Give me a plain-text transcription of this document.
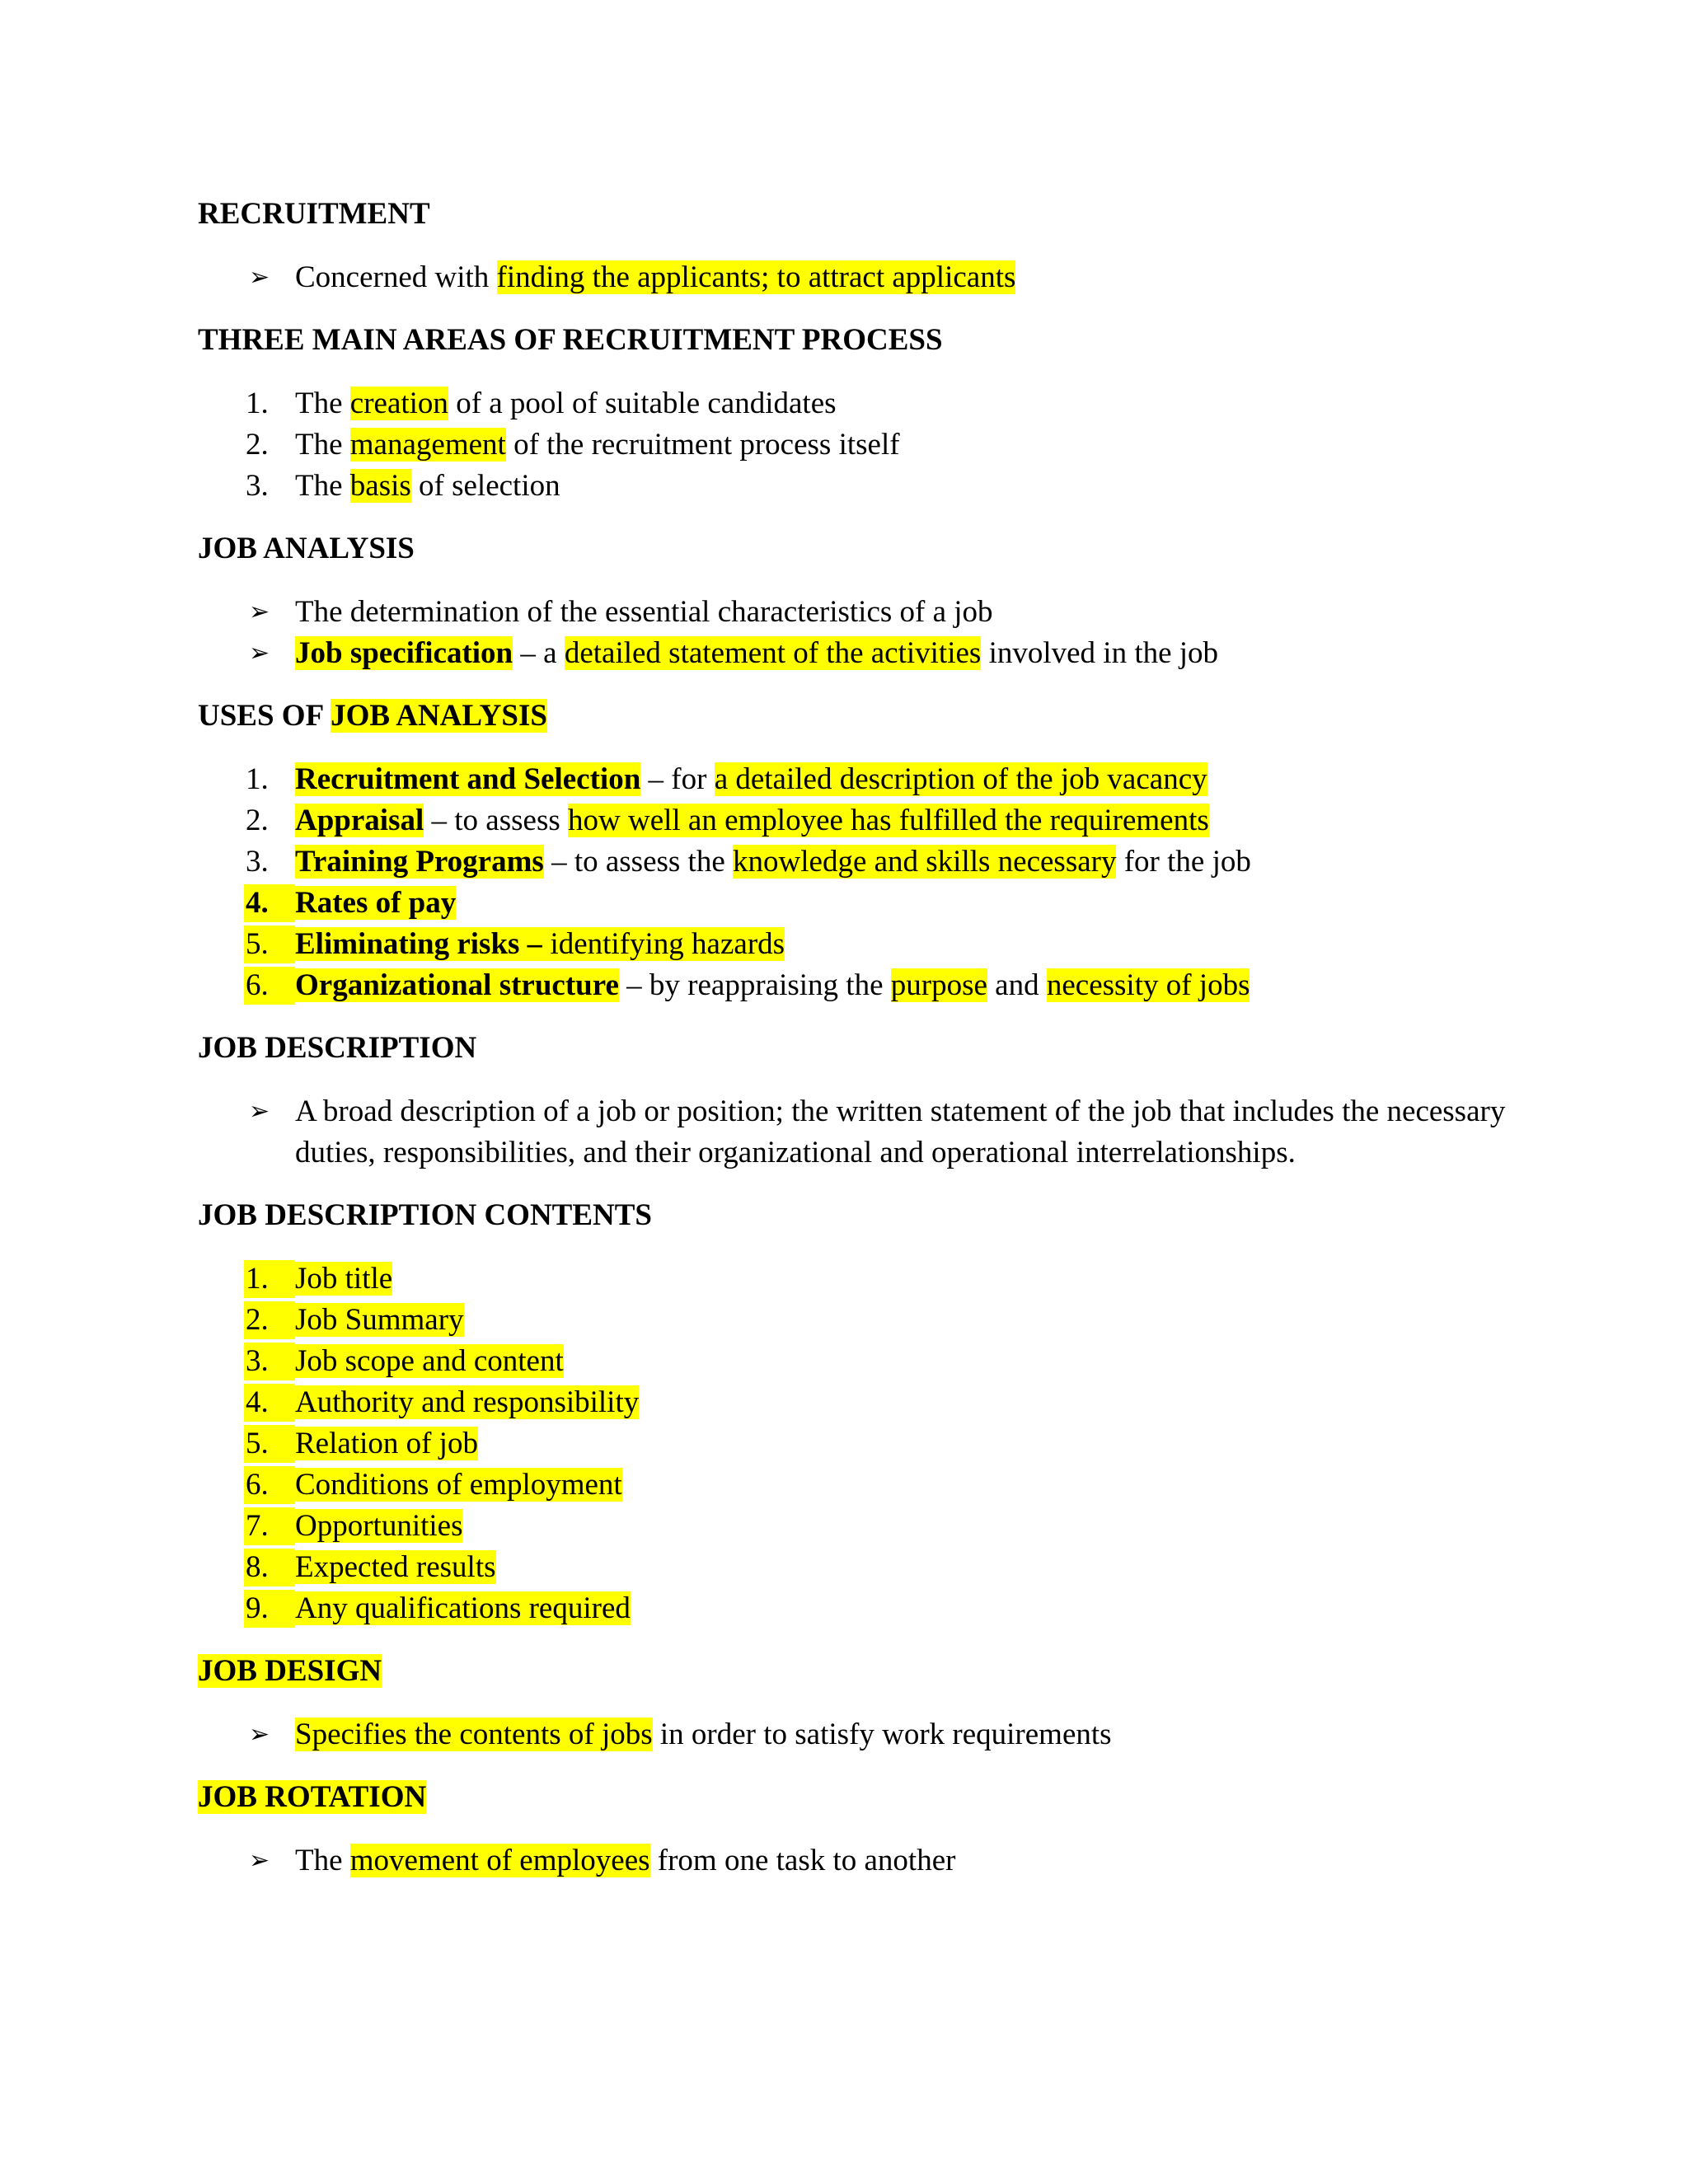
RECRUITMENT
➢ Concerned with finding the applicants; to attract applicants
THREE MAIN AREAS OF RECRUITMENT PROCESS
1. The creation of a pool of suitable candidates
2. The management of the recruitment process itself
3. The basis of selection
JOB ANALYSIS
➢ The determination of the essential characteristics of a job
➢ Job specification – a detailed statement of the activities involved in the job
USES OF JOB ANALYSIS
1. Recruitment and Selection – for a detailed description of the job vacancy
2. Appraisal – to assess how well an employee has fulfilled the requirements
3. Training Programs – to assess the knowledge and skills necessary for the job
4. Rates of pay
5. Eliminating risks – identifying hazards
6. Organizational structure – by reappraising the purpose and necessity of jobs
JOB DESCRIPTION
➢ A broad description of a job or position; the written statement of the job that includes the necessary duties, responsibilities, and their organizational and operational interrelationships.
JOB DESCRIPTION CONTENTS
1. Job title
2. Job Summary
3. Job scope and content
4. Authority and responsibility
5. Relation of job
6. Conditions of employment
7. Opportunities
8. Expected results
9. Any qualifications required
JOB DESIGN
➢ Specifies the contents of jobs in order to satisfy work requirements
JOB ROTATION
➢ The movement of employees from one task to another
